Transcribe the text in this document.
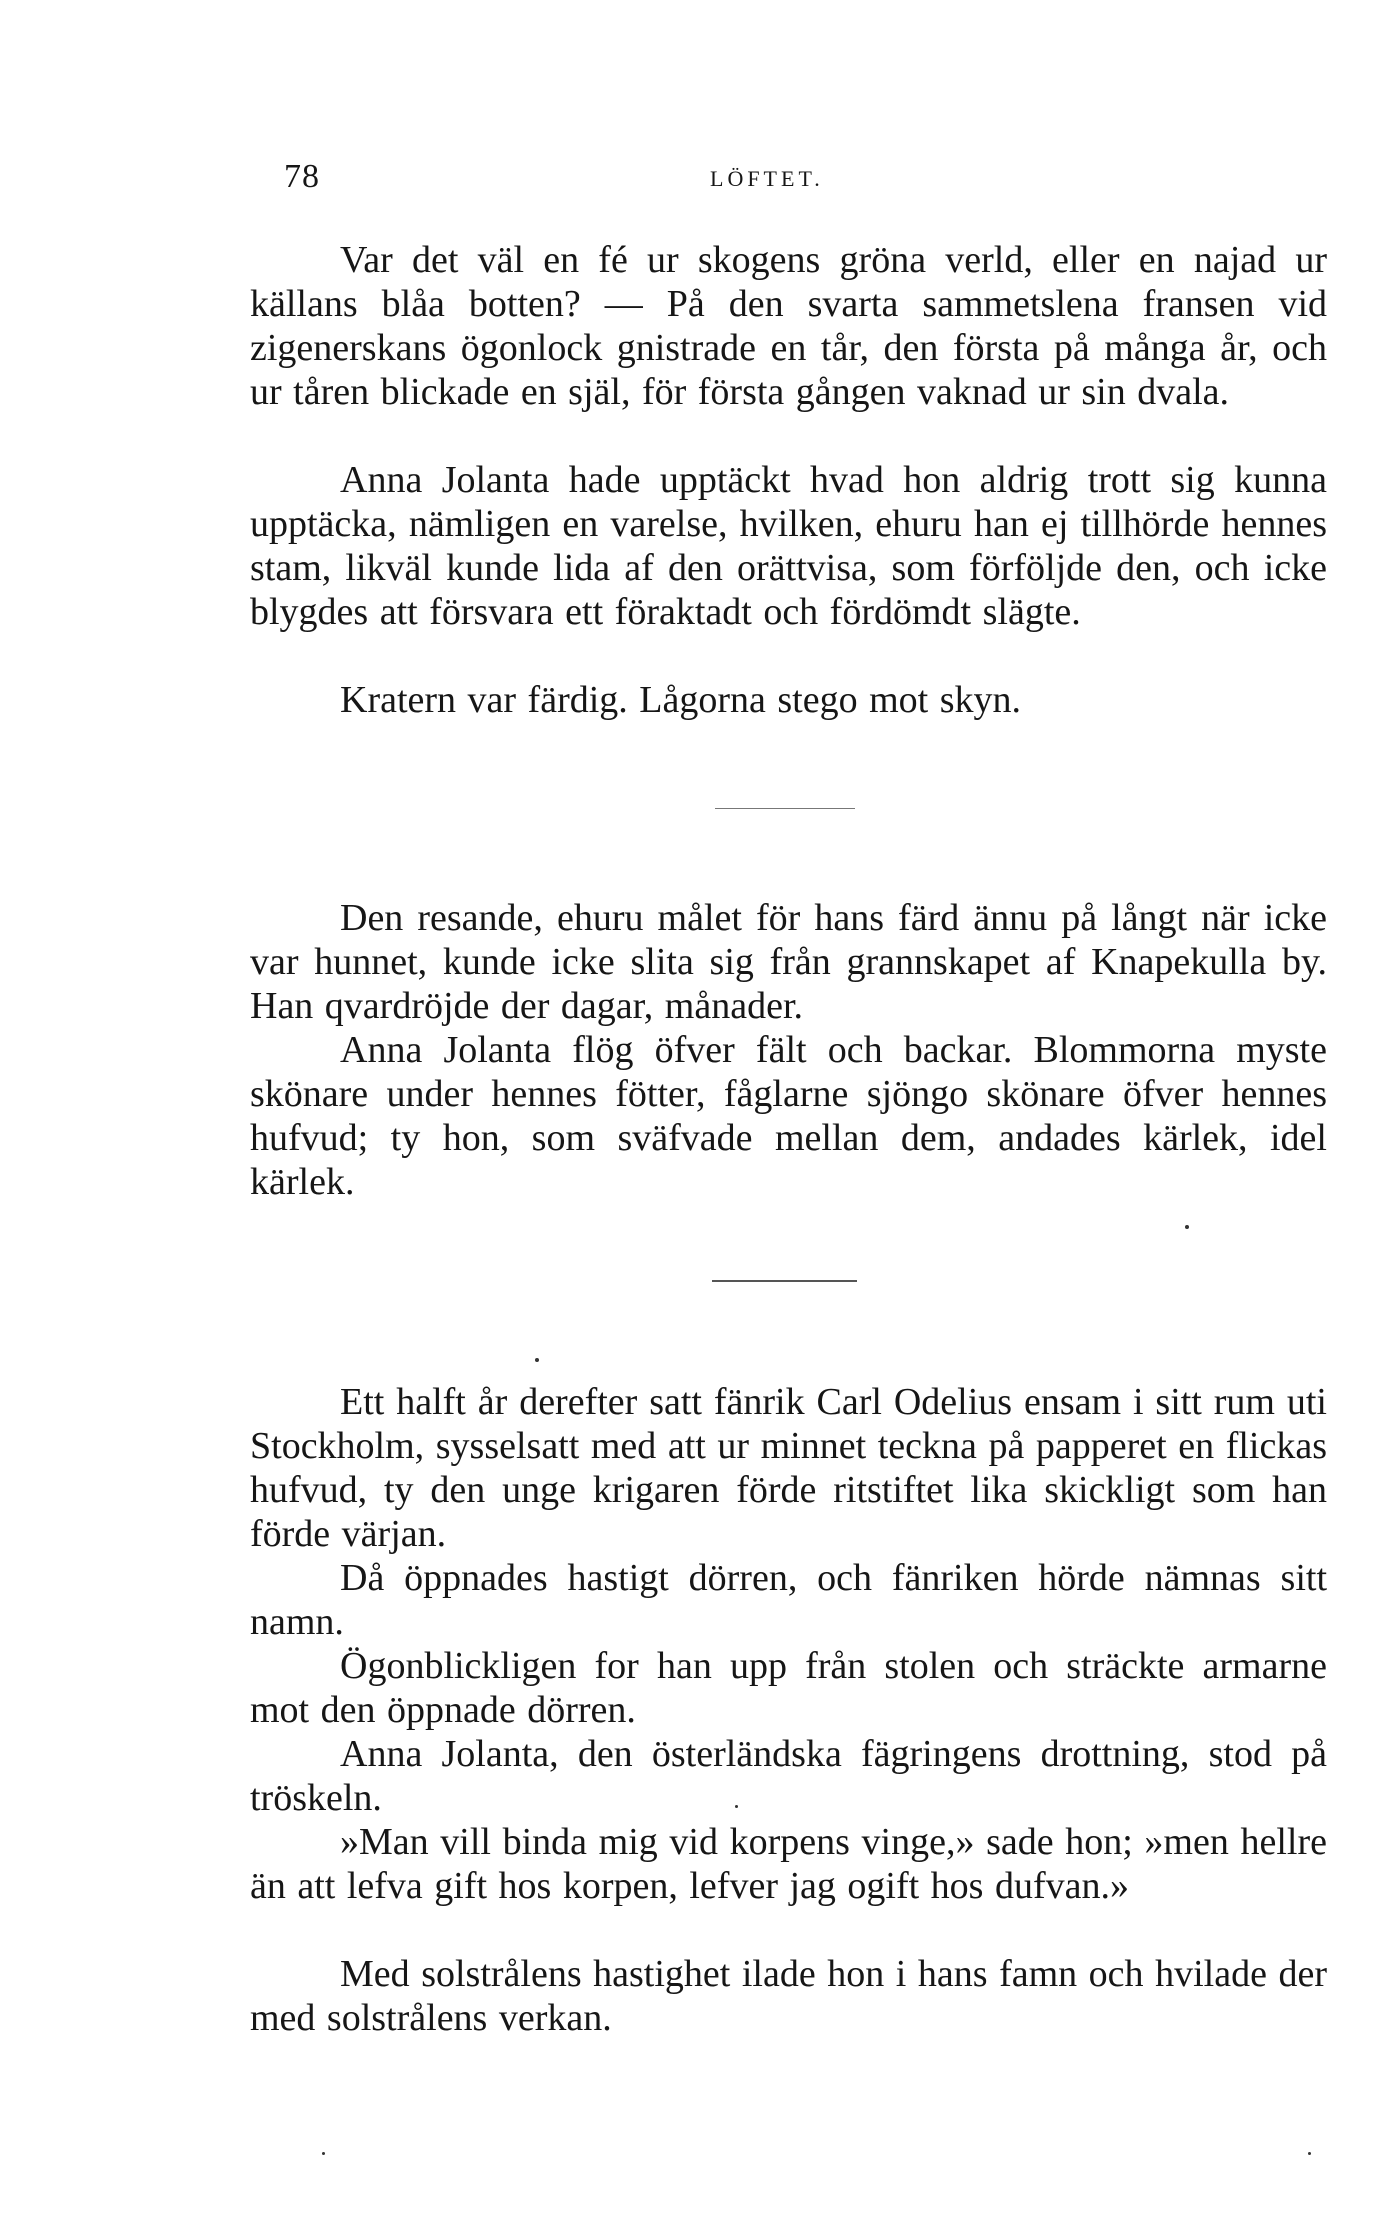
78	LÖFTET.

Var det väl en fé ur skogens gröna verld, eller en najad ur källans blåa botten? — På den svarta sammetslena fransen vid zigenerskans ögonlock gnistrade en tår, den första på många år, och ur tåren blickade en själ, för första gången vaknad ur sin dvala.

Anna Jolanta hade upptäckt hvad hon aldrig trott sig kunna upptäcka, nämligen en varelse, hvilken, ehuru han ej tillhörde hennes stam, likväl kunde lida af den orättvisa, som förföljde den, och icke blygdes att försvara ett föraktadt och fördömdt slägte.

Kratern var färdig. Lågorna stego mot skyn.

Den resande, ehuru målet för hans färd ännu på långt när icke var hunnet, kunde icke slita sig från grannskapet af Knapekulla by. Han qvardröjde der dagar, månader.

Anna Jolanta flög öfver fält och backar. Blommorna myste skönare under hennes fötter, fåglarne sjöngo skönare öfver hennes hufvud; ty hon, som sväfvade mellan dem, andades kärlek, idel kärlek.

Ett halft år derefter satt fänrik Carl Odelius ensam i sitt rum uti Stockholm, sysselsatt med att ur minnet teckna på papperet en flickas hufvud, ty den unge krigaren förde ritstiftet lika skickligt som han förde värjan.

Då öppnades hastigt dörren, och fänriken hörde nämnas sitt namn.

Ögonblickligen for han upp från stolen och sträckte armarne mot den öppnade dörren.

Anna Jolanta, den österländska fägringens drottning, stod på tröskeln.

»Man vill binda mig vid korpens vinge,» sade hon; »men hellre än att lefva gift hos korpen, lefver jag ogift hos dufvan.»

Med solstrålens hastighet ilade hon i hans famn och hvilade der med solstrålens verkan.
